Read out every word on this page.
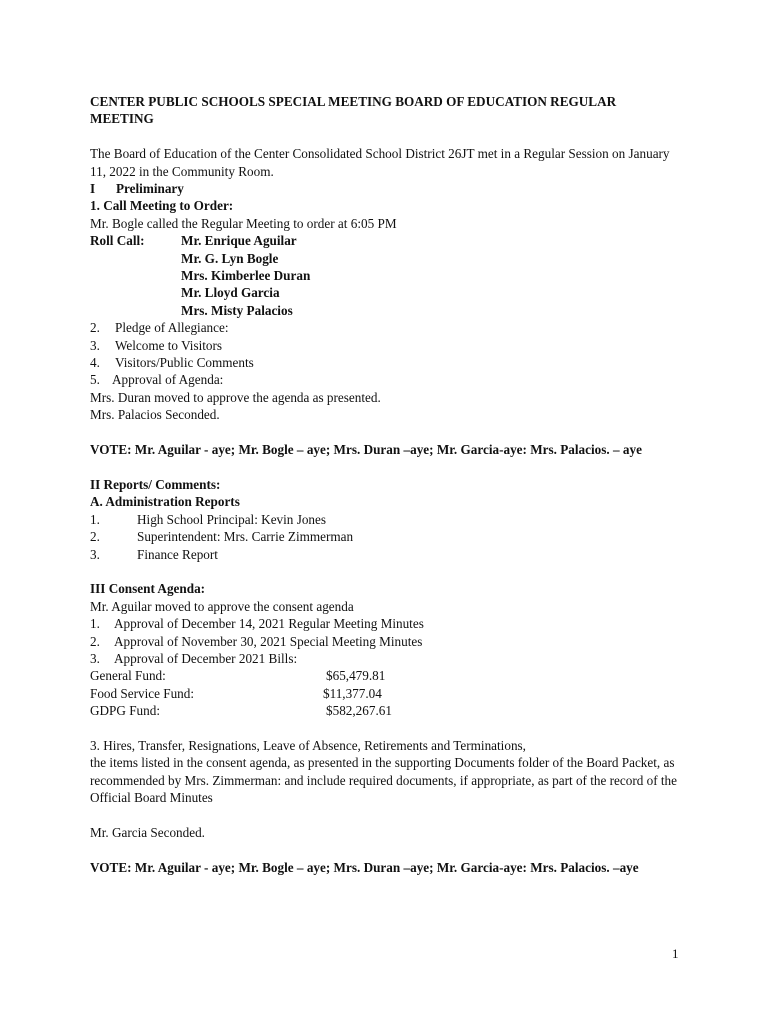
CENTER PUBLIC SCHOOLS SPECIAL MEETING BOARD OF EDUCATION REGULAR MEETING
The Board of Education of the Center Consolidated School District 26JT met in a Regular Session on January 11, 2022 in the Community Room.
I Preliminary
1. Call Meeting to Order:
Mr. Bogle called the Regular Meeting to order at 6:05 PM
Roll Call:	Mr. Enrique Aguilar
Mr. G. Lyn Bogle
Mrs. Kimberlee Duran
Mr. Lloyd Garcia
Mrs. Misty Palacios
2. Pledge of Allegiance:
3. Welcome to Visitors
4. Visitors/Public Comments
5. Approval of Agenda:
Mrs. Duran moved to approve the agenda as presented.
Mrs. Palacios Seconded.
VOTE: Mr. Aguilar - aye; Mr. Bogle – aye; Mrs. Duran –aye; Mr. Garcia-aye: Mrs. Palacios. – aye
II Reports/ Comments:
A. Administration Reports
1.	High School Principal: Kevin Jones
2.	Superintendent: Mrs. Carrie Zimmerman
3.	Finance Report
III Consent Agenda:
Mr. Aguilar moved to approve the consent agenda
1. Approval of December 14, 2021 Regular Meeting Minutes
2. Approval of November 30, 2021 Special Meeting Minutes
3. Approval of December 2021 Bills:
General Fund:	$65,479.81
Food Service Fund:	$11,377.04
GDPG Fund:	$582,267.61
3. Hires, Transfer, Resignations, Leave of Absence, Retirements and Terminations,
the items listed in the consent agenda, as presented in the supporting Documents folder of the Board Packet, as recommended by Mrs. Zimmerman: and include required documents, if appropriate, as part of the record of the Official Board Minutes
Mr. Garcia Seconded.
VOTE: Mr. Aguilar - aye; Mr. Bogle – aye; Mrs. Duran –aye; Mr. Garcia-aye: Mrs. Palacios. –aye
1
